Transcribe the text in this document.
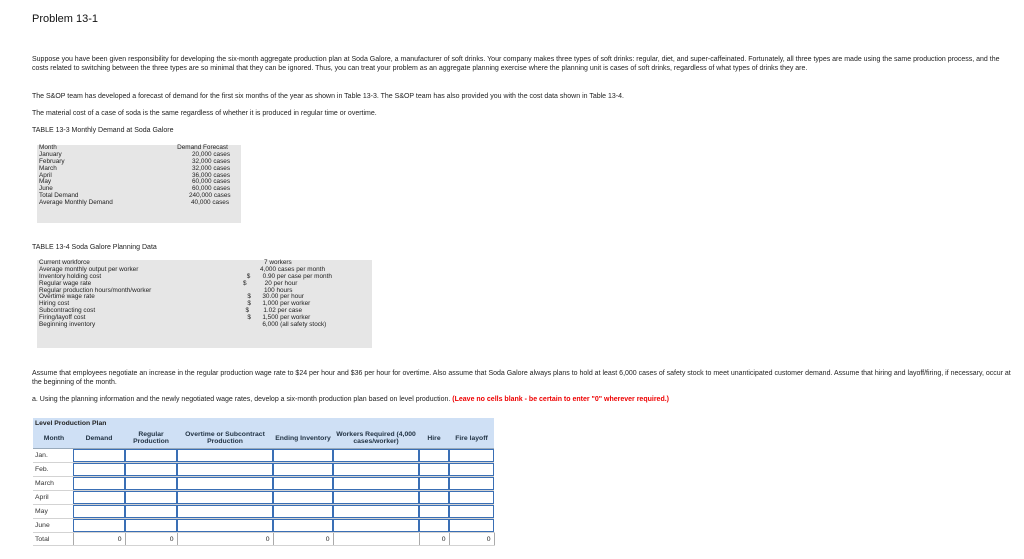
Problem 13-1
Suppose you have been given responsibility for developing the six-month aggregate production plan at Soda Galore, a manufacturer of soft drinks. Your company makes three types of soft drinks: regular, diet, and super-caffeinated. Fortunately, all three types are made using the same production process, and the costs related to switching between the three types are so minimal that they can be ignored. Thus, you can treat your problem as an aggregate planning exercise where the planning unit is cases of soft drinks, regardless of what types of drinks they are.
The S&OP team has developed a forecast of demand for the first six months of the year as shown in Table 13-3. The S&OP team has also provided you with the cost data shown in Table 13-4.
The material cost of a case of soda is the same regardless of whether it is produced in regular time or overtime.
TABLE 13-3 Monthly Demand at Soda Galore
Month	Demand Forecast
January	20,000 cases
February	32,000 cases
March	32,000 cases
April	36,000 cases
May	60,000 cases
June	60,000 cases
Total Demand	240,000 cases
Average Monthly Demand	40,000 cases
TABLE 13-4 Soda Galore Planning Data
Current workforce	7 workers
Average monthly output per worker	4,000 cases per month
Inventory holding cost	$	0.90 per case per month
Regular wage rate	$	20 per hour
Regular production hours/month/worker	100 hours
Overtime wage rate	$	30.00 per hour
Hiring cost	$	1,000 per worker
Subcontracting cost	$	1.02 per case
Firing/layoff cost	$	1,500 per worker
Beginning inventory	6,000 (all safety stock)
Assume that employees negotiate an increase in the regular production wage rate to $24 per hour and $36 per hour for overtime. Also assume that Soda Galore always plans to hold at least 6,000 cases of safety stock to meet unanticipated customer demand. Assume that hiring and layoff/firing, if necessary, occur at the beginning of the month.
a. Using the planning information and the newly negotiated wage rates, develop a six-month production plan based on level production. (Leave no cells blank - be certain to enter "0" wherever required.)
Level Production Plan							
Month	Demand	Regular Production	Overtime or Subcontract Production	Ending Inventory	Workers Required (4,000 cases/worker)	Hire	Fire layoff
Jan.	

Feb.	

March	

April	

May	

June	

Total	0	0	0	0		0	0
